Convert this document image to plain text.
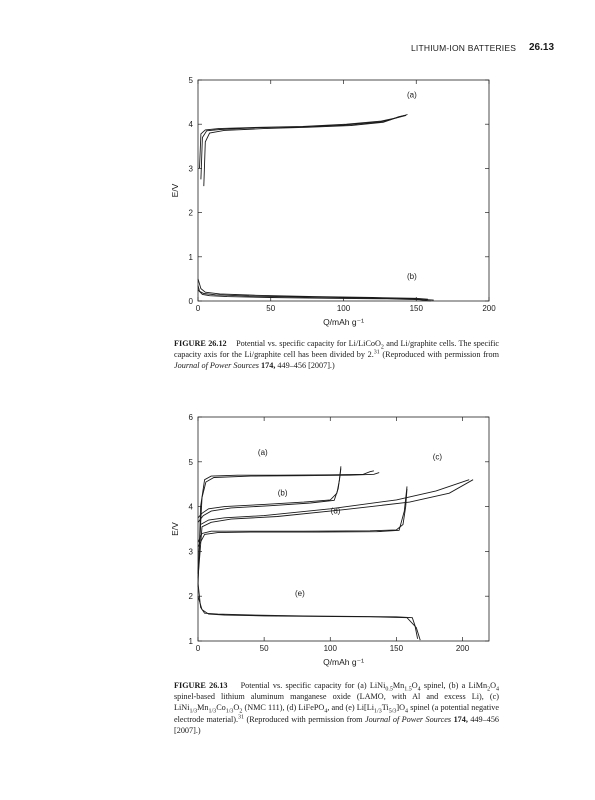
LITHIUM-ION BATTERIES 26.13
0	50	100	150	200
0
1
2
3
4
5
Q/mAh g⁻¹
E/V
(a)
(b)

FIGURE 26.12 Potential vs. specific capacity for Li/LiCoO$_2$ and Li/graphite cells. The specific capacity axis for the Li/graphite cell has been divided by 2.31 (Reproduced with permission from Journal of Power Sources 174, 449–456 [2007].)

0	50	100	150	200
1
2
3
4
5
6
Q/mAh g⁻¹
E/V
(a)
(b)
(c)
(d)
(e)

FIGURE 26.13 Potential vs. specific capacity for (a) $LiNi_{0.5}Mn_{1.5}O_4$ spinel, (b) a $LiMn_2O_4$ spinel-based lithium aluminum manganese oxide (LAMO, with Al and excess Li), (c) $LiNi_{1/3}Mn_{1/3}Co_{1/3}O_2$ (NMC 111), (d) LiFePO$_4$, and (e) $Li[Li_{1/3}Ti_{5/3}]O_4$ spinel (a potential negative electrode material).$^{31}$ (Reproduced with permission from Journal of Power Sources 174, 449–456 [2007].)
